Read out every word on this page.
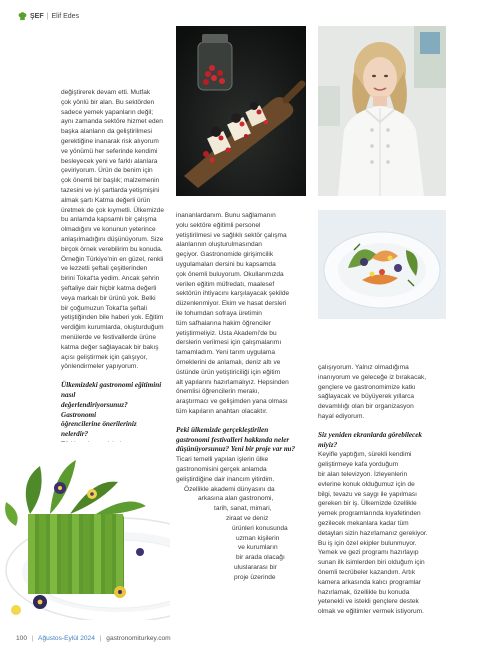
ŞEF | Elif Edes

değiştirerek devam etti. Mutfak

çok yönlü bir alan. Bu sektörden

sadece yemek yapanların değil;

aynı zamanda sektöre hizmet eden

başka alanların da geliştirilmesi

gerektiğine inanarak risk alıyorum

ve yönümü her seferinde kendimi

besleyecek yeni ve farklı alanlara

çeviriyorum. Ürün de benim için

çok önemli bir başlık; malzemenin

tazesini ve iyi şartlarda yetişmişini

almak şartı Katma değerli ürün

üretmek de çok kıymetli. Ülkemizde

bu anlamda kapsamlı bir çalışma

olmadığını ve konunun yeterince

anlaşılmadığını düşünüyorum. Size

birçok örnek verebilirim bu konuda.

Örneğin Türkiye'nin en güzel, renkli

ve lezzetli şeftali çeşitlerinden

birini Tokat'ta yedim. Ancak şehrin

şeftaliye dair hiçbir katma değerli

veya markalı bir ürünü yok. Belki

bir çoğumuzun Tokat'ta şeftali

yetiştiğinden bile haberi yok. Eğitim

verdiğim kurumlarda, oluşturduğum

menülerde ve festivallerde ürüne

katma değer sağlayacak bir bakış

açısı geliştirmek için çalışıyor,

yönlendirmeler yapıyorum.

Ülkemizdeki gastronomi eğitimini nasıl

değerlendiriyorsunuz? Gastronomi

öğrencilerine önerileriniz nelerdir?

inananlardanım. Bunu sağlamanın

yolu sektöre eğitimli personel

yetiştirilmesi ve sağlıklı sektör çalışma

alanlarının oluşturulmasından

geçiyor. Gastronomide girişimcilik

uygulamaları dersini bu kapsamda

çok önemli buluyorum. Okullarımızda

verilen eğitim müfredatı, maalesef

sektörün ihtiyacını karşılayacak şekilde

düzenlenmiyor. Ekim ve hasat dersleri

ile tohumdan sofraya üretimin

tüm safhalarına hakim öğrenciler

yetiştirmeliyiz. Usta Akademi'de bu

derslerin verilmesi için çalışmalarımı

tamamladım. Yeni tarım uygulama

örneklerini de anlamalı, deniz altı ve

üstünde ürün yetiştiriciliği için eğitim

alt yapılarını hazırlamalıyız. Hepsinden

önemlisi öğrencilerin merakı,

araştırmacı ve gelişimden yana olması

tüm kapıların anahtarı olacaktır.

Peki ülkemizde gerçekleştirilen

gastronomi festivalleri hakkında neler

düşünüyorsunuz? Yeni bir proje var mı?

Ticari temelli yapılan işlerin ülke

gastronomisini gerçek anlamda

geliştirdiğine dair inancım yitirdim.

Özellikle akademi dünyasını da

arkasına alan gastronomi,

tarih, sanat, mimari,

ziraat ve deniz

ürünleri konusunda

uzman kişilerin

ve kurumların

bir arada olacağı

uluslararası bir

proje üzerinde

çalışıyorum. Yalnız olmadığıma

inanıyorum ve geleceğe iz bırakacak,

gençlere ve gastronomimize katkı

sağlayacak ve büyüyerek yıllarca

devamlılığı olan bir organizasyon

hayal ediyorum.

Siz yeniden ekranlarda görebilecek

miyiz?

Keyifle yaptığım, sürekli kendimi

geliştirmeye kafa yorduğum

bir alan televizyon. İzleyenlerin

evlerine konuk olduğumuz için de

bilgi, tevazu ve saygı ile yapılması

gereken bir iş. Ülkemizde özellikle

yemek programlarında kıyafetinden

gezilecek mekanlara kadar tüm

detayları sizin hazırlamanız gerekiyor.

Bu iş için özel ekipler bulunmuyor.

Yemek ve gezi programı hazırlayıp

sunan ilk isimlerden biri olduğum için

önemli tecrübeler kazandım. Artık

kamera arkasında kalıcı programlar

hazırlamak, özellikle bu konuda

yetenekli ve istekli gençlere destek

olmak ve eğitimler vermek istiyorum.

100 | Ağustos-Eylül 2024 | gastronomiturkey.com
